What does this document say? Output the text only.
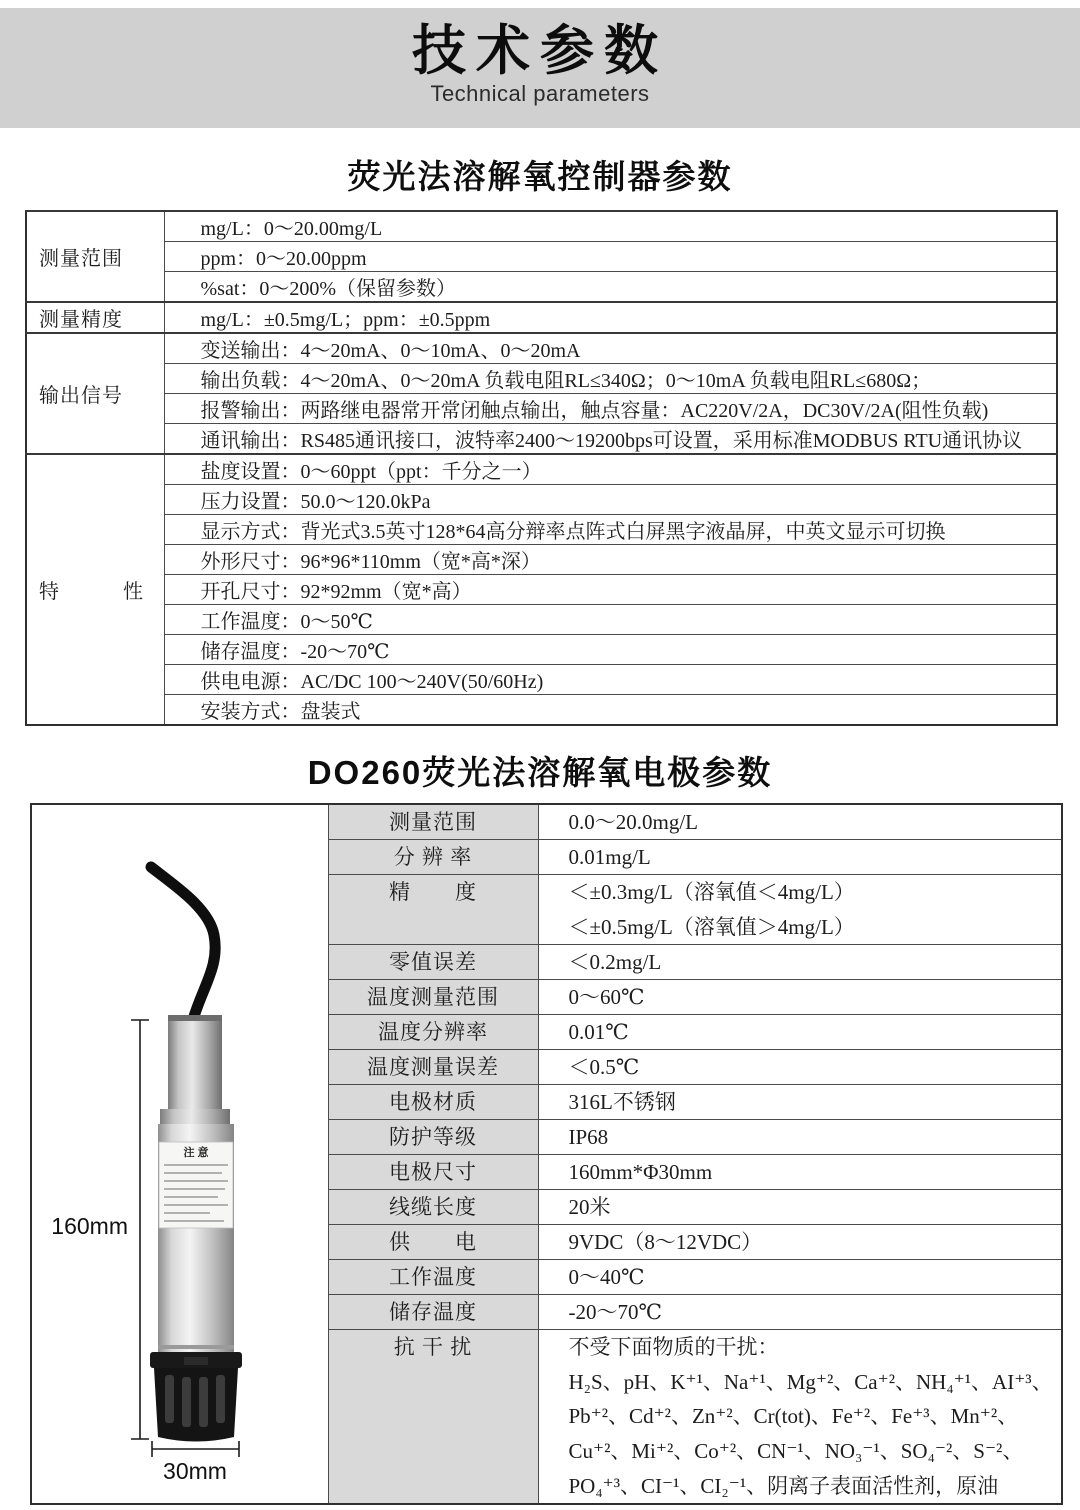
技术参数

Technical parameters

荧光法溶解氧控制器参数
测量范围	mg/L：0～20.00mg/L
	ppm：0～20.00ppm
	%sat：0～200%（保留参数）
测量精度	mg/L：±0.5mg/L；ppm：±0.5ppm
输出信号	变送输出：4～20mA、0～10mA、0～20mA
	输出负载：4～20mA、0～20mA 负载电阻RL≤340Ω；0～10mA 负载电阻RL≤680Ω；
	报警输出：两路继电器常开常闭触点输出，触点容量：AC220V/2A，DC30V/2A(阻性负载)
	通讯输出：RS485通讯接口，波特率2400～19200bps可设置，采用标准MODBUS RTU通讯协议
特　　　性	盐度设置：0～60ppt（ppt：千分之一）
	压力设置：50.0～120.0kPa
	显示方式：背光式3.5英寸128*64高分辩率点阵式白屏黑字液晶屏，中英文显示可切换
	外形尺寸：96*96*110mm（宽*高*深）
	开孔尺寸：92*92mm（宽*高）
	工作温度：0～50℃
	储存温度：-20～70℃
	供电电源：AC/DC 100～240V(50/60Hz)
	安装方式：盘装式
DO260荧光法溶解氧电极参数
注 意
160mm
30mm	测量范围	0.0～20.0mg/L
	分 辨 率	0.01mg/L
	精　　度	＜±0.3mg/L（溶氧值＜4mg/L）
＜±0.5mg/L（溶氧值＞4mg/L）

	零值误差	＜0.2mg/L
	温度测量范围	0～60℃
	温度分辨率	0.01℃
	温度测量误差	＜0.5℃
	电极材质	316L不锈钢
	防护等级	IP68
	电极尺寸	160mm*Φ30mm
	线缆长度	20米
	供　　电	9VDC（8～12VDC）
	工作温度	0～40℃
	储存温度	-20～70℃
	抗 干 扰	不受下面物质的干扰：
H₂S、pH、K⁺¹、Na⁺¹、Mg⁺²、Ca⁺²、NH₄⁺¹、AI⁺³、
Pb⁺²、Cd⁺²、Zn⁺²、Cr(tot)、Fe⁺²、Fe⁺³、Mn⁺²、
Cu⁺²、Mi⁺²、Co⁺²、CN⁻¹、NO₃⁻¹、SO₄⁻²、S⁻²、
PO₄⁺³、CI⁻¹、CI₂⁻¹、阴离子表面活性剂，原油
